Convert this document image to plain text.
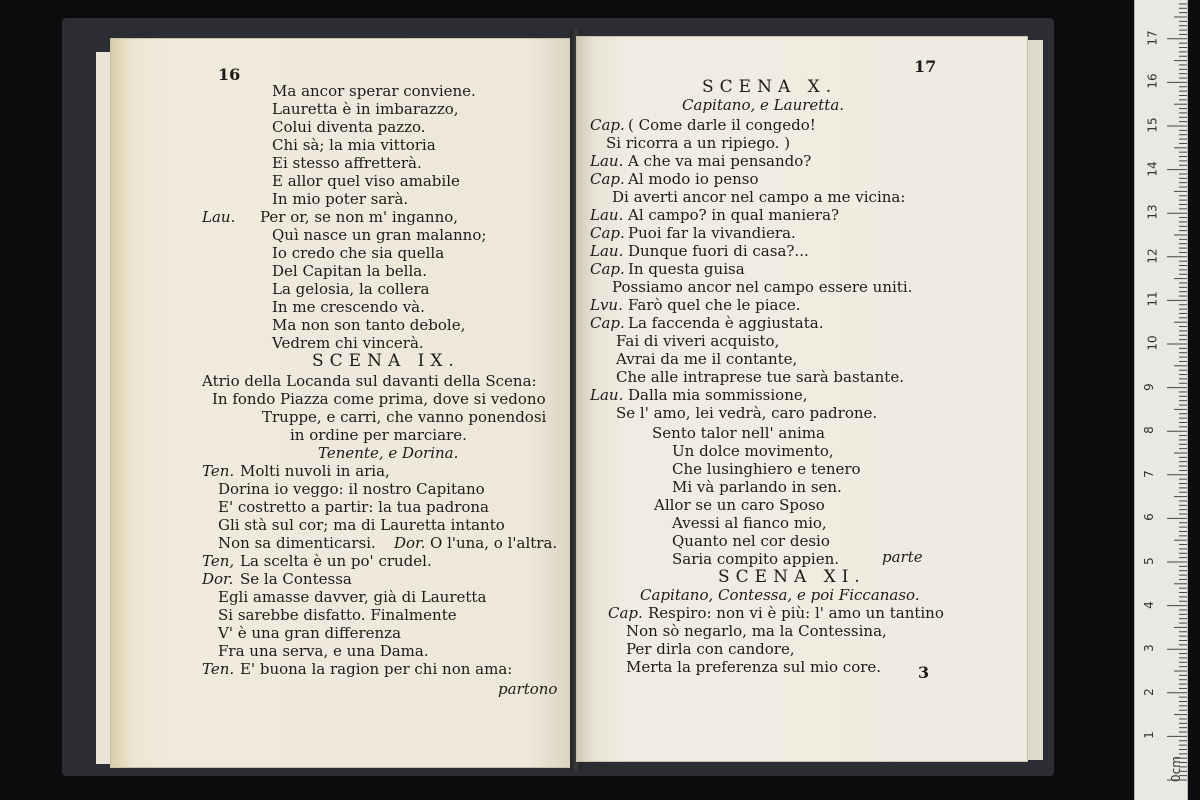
16
Ma ancor sperar conviene.
Lauretta è in imbarazzo,
Colui diventa pazzo.
Chi sà; la mia vittoria
Ei stesso affretterà.
E allor quel viso amabile
In mio poter sarà.
Lau. Per or, se non m' inganno,
Quì nasce un gran malanno;
Io credo che sia quella
Del Capitan la bella.
La gelosia, la collera
In me crescendo và.
Ma non son tanto debole,
Vedrem chi vincerà.
SCENA IX.
Atrio della Locanda sul davanti della Scena:
In fondo Piazza come prima, dove si vedono
Truppe, e carri, che vanno ponendosi
in ordine per marciare.
Tenente, e Dorina.
Ten. Molti nuvoli in aria,
Dorina io veggo: il nostro Capitano
E' costretto a partir: la tua padrona
Gli stà sul cor; ma di Lauretta intanto
Non sa dimenticarsi. Dor. O l'una, o l'altra.
Ten, La scelta è un po' crudel.
Dor. Se la Contessa
Egli amasse davver, già di Lauretta
Si sarebbe disfatto. Finalmente
V' è una gran differenza
Fra una serva, e una Dama.
Ten. E' buona la ragion per chi non ama:
partono
17
SCENA X.
Capitano, e Lauretta.
Cap. ( Come darle il congedo!
Si ricorra a un ripiego. )
Lau. A che va mai pensando?
Cap. Al modo io penso
Di averti ancor nel campo a me vicina:
Lau. Al campo? in qual maniera?
Cap. Puoi far la vivandiera.
Lau. Dunque fuori di casa?...
Cap. In questa guisa
Possiamo ancor nel campo essere uniti.
Lvu. Farò quel che le piace.
Cap. La faccenda è aggiustata.
Fai di viveri acquisto,
Avrai da me il contante,
Che alle intraprese tue sarà bastante.
Lau. Dalla mia sommissione,
Se l' amo, lei vedrà, caro padrone.
Sento talor nell' anima
Un dolce movimento,
Che lusinghiero e tenero
Mi và parlando in sen.
Allor se un caro Sposo
Avessi al fianco mio,
Quanto nel cor desio
Saria compito appien.	parte
SCENA XI.
Capitano, Contessa, e poi Ficcanaso.
Cap. Respiro: non vi è più: l' amo un tantino
Non sò negarlo, ma la Contessina,
Per dirla con candore,
Merta la preferenza sul mio core. 3
0cm
1
2
3
4
5
6
7
8
9
10
11
12
13
14
15
16
17
